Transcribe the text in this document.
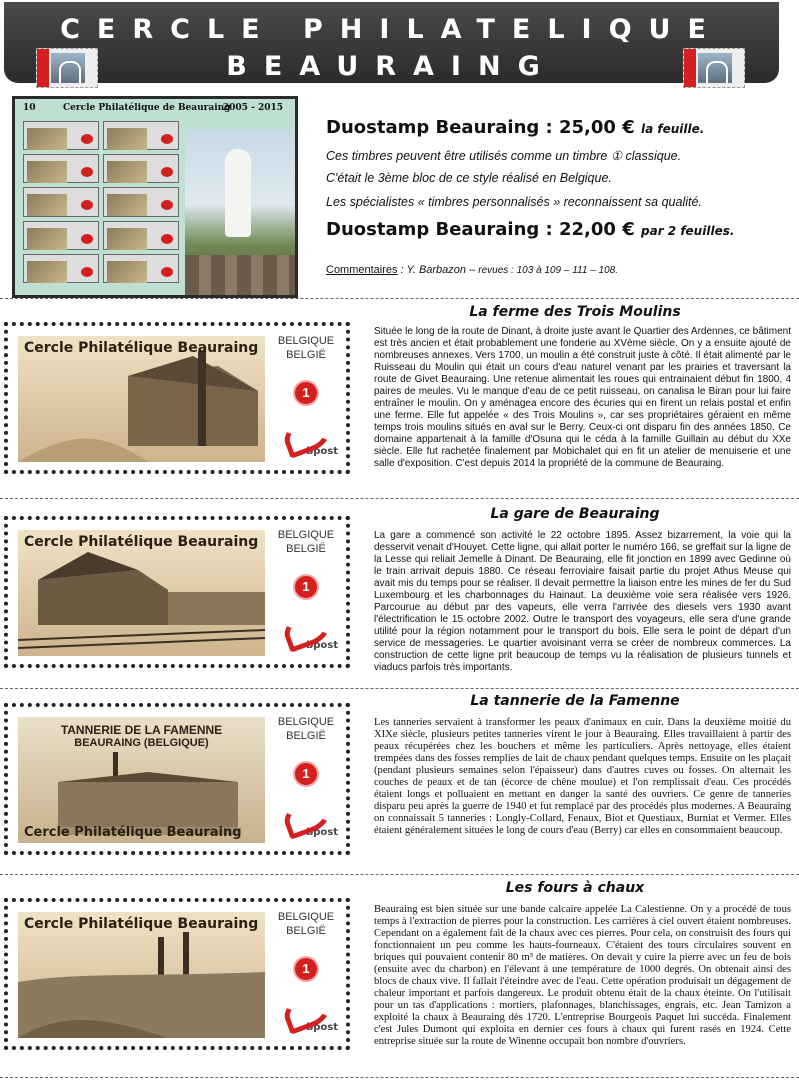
CERCLE PHILATELIQUE
BEAURAING
10	Cercle Philatélique de Beauraing
2005 - 2015
Duostamp Beauraing : 25,00 € la feuille.
Ces timbres peuvent être utilisés comme un timbre ① classique.
C'était le 3ème bloc de ce style réalisé en Belgique.
Les spécialistes « timbres personnalisés » reconnaissent sa qualité.
Duostamp Beauraing : 22,00 € par 2 feuilles.
Commentaires : Y. Barbazon – revues : 103 à 109 – 111 – 108.
Cercle Philatélique Beauraing	BELGIQUE
BELGIË
1
bpost
La ferme des Trois Moulins
Située le long de la route de Dinant, à droite juste avant le Quartier des Ardennes, ce bâtiment est très ancien et était probablement une fonderie au XVème siècle. On y a ensuite ajouté de nombreuses annexes. Vers 1700, un moulin a été construit juste à côté. Il était alimenté par le Ruisseau du Moulin qui était un cours d'eau naturel venant par les prairies et traversant la route de Givet Beauraing. Une retenue alimentait les roues qui entrainaient début fin 1800, 4 paires de meules. Vu le manque d'eau de ce petit ruisseau, on canalisa le Biran pour lui faire entraîner le moulin. On y aménagea encore des écuries qui en firent un relais postal et enfin une ferme. Elle fut appelée « des Trois Moulins », car ses propriétaires géraient en même temps trois moulins situés en aval sur le Berry. Ceux-ci ont disparu fin des années 1850. Ce domaine appartenait à la famille d'Osuna qui le céda à la famille Guillain au début du XXe siècle. Elle fut rachetée finalement par Mobichalet qui en fit un atelier de menuiserie et une salle d'exposition. C'est depuis 2014 la propriété de la commune de Beauraing.
Cercle Philatélique Beauraing	BELGIQUE
BELGIË
1
bpost
La gare de Beauraing
La gare a commencé son activité le 22 octobre 1895. Assez bizarrement, la voie qui la desservit venait d'Houyet. Cette ligne, qui allait porter le numéro 166, se greffait sur la ligne de la Lesse qui reliait Jemelle à Dinant. De Beauraing, elle fit jonction en 1899 avec Gedinne où le train arrivait depuis 1880. Ce réseau ferroviaire faisait partie du projet Athus Meuse qui avait mis du temps pour se réaliser. Il devait permettre la liaison entre les mines de fer du Sud Luxembourg et les charbonnages du Hainaut. La deuxième voie sera réalisée vers 1926. Parcourue au début par des vapeurs, elle verra l'arrivée des diesels vers 1930 avant l'électrification le 15 octobre 2002. Outre le transport des voyageurs, elle sera d'une grande utilité pour la région notamment pour le transport du bois. Elle sera le point de départ d'un service de messageries. Le quartier avoisinant verra se créer de nombreux commerces. La construction de cette ligne prit beaucoup de temps vu la réalisation de plusieurs tunnels et viaducs parfois très importants.
TANNERIE DE LA FAMENNE
BEAURAING (BELGIQUE)
Cercle Philatélique Beauraing
BELGIQUE
BELGIË
1
bpost
La tannerie de la Famenne
Les tanneries servaient à transformer les peaux d'animaux en cuir. Dans la deuxième moitié du XIXe siècle, plusieurs petites tanneries virent le jour à Beauraing. Elles travaillaient à partir des peaux récupérées chez les bouchers et même les particuliers. Après nettoyage, elles étaient trempées dans des fosses remplies de lait de chaux pendant quelques temps. Ensuite on les plaçait (pendant plusieurs semaines selon l'épaisseur) dans d'autres cuves ou fosses. On alternait les couches de peaux et de tan (écorce de chêne moulue) et l'on remplissait d'eau. Ces procédés étaient longs et polluaient en mettant en danger la santé des ouvriers. Ce genre de tanneries disparu peu après la guerre de 1940 et fut remplacé par des procédés plus modernes. A Beauraing on connaissait 5 tanneries : Longly-Collard, Fenaux, Biot et Questiaux, Burniat et Vermer. Elles étaient généralement situées le long de cours d'eau (Berry) car elles en consommaient beaucoup.
Cercle Philatélique Beauraing	BELGIQUE
BELGIË
1
bpost
Les fours à chaux
Beauraing est bien située sur une bande calcaire appelée La Calestienne. On y a procédé de tous temps à l'extraction de pierres pour la construction. Les carrières à ciel ouvert étaient nombreuses. Cependant on a également fait de la chaux avec ces pierres. Pour cela, on construisit des fours qui fonctionnaient un peu comme les hauts-fourneaux. C'étaient des tours circulaires souvent en briques qui pouvaient contenir 80 m³ de matières. On devait y cuire la pierre avec un feu de bois (ensuite avec du charbon) en l'élevant à une température de 1000 degrés. On obtenait ainsi des blocs de chaux vive. Il fallait l'éteindre avec de l'eau. Cette opération produisait un dégagement de chaleur important et parfois dangereux. Le produit obtenu était de la chaux éteinte. On l'utilisait pour un tas d'applications : mortiers, plafonnages, blanchissages, engrais, etc. Jean Tamizon a exploité la chaux à Beauraing dès 1720. L'entreprise Bourgeois Paquet lui succéda. Finalement c'est Jules Dumont qui exploita en dernier ces fours à chaux qui furent rasés en 1924. Cette entreprise située sur la route de Winenne occupait bon nombre d'ouvriers.
